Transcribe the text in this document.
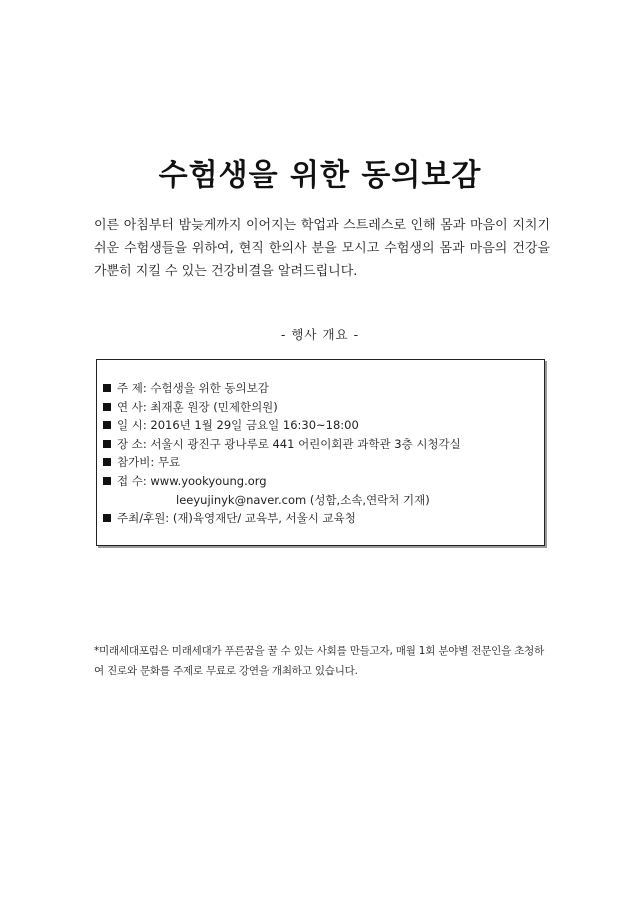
수험생을 위한 동의보감
이른 아침부터 밤늦게까지 이어지는 학업과 스트레스로 인해 몸과 마음이 지치기 쉬운 수험생들을 위하여, 현직 한의사 분을 모시고 수험생의 몸과 마음의 건강을 가뿐히 지킬 수 있는 건강비결을 알려드립니다.
- 행사 개요 -
주 제: 수험생을 위한 동의보감
연 사: 최재훈 원장 (민제한의원)
일 시: 2016년 1월 29일 금요일 16:30~18:00
장 소: 서울시 광진구 광나루로 441 어린이회관 과학관 3층 시청각실
참가비: 무료
접 수: www.yookyoung.org
leeyujinyk@naver.com (성함,소속,연락처 기재)
주최/후원: (재)육영재단/ 교육부, 서울시 교육청
*미래세대포럼은 미래세대가 푸른꿈을 꿀 수 있는 사회를 만들고자, 매월 1회 분야별 전문인을 초청하여 진로와 문화를 주제로 무료로 강연을 개최하고 있습니다.
